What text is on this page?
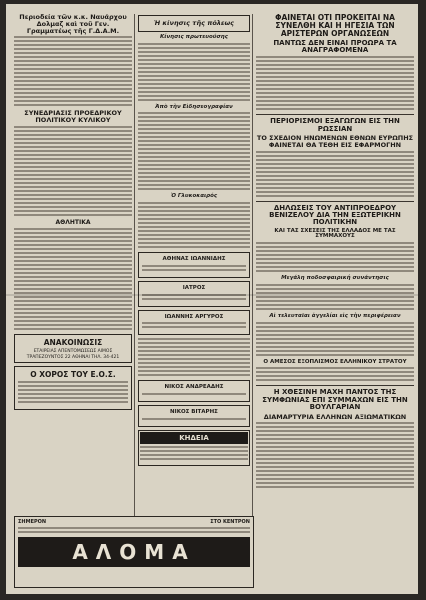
Περιοδεία τῶν κ.κ. Ναυάρχου Δολμαζ καὶ τοῦ Γεν. Γραμματέως τῆς Γ.Δ.Α.Μ.
ΣΥΝΕΔΡΙΑΣΙΣ ΠΡΟΕΔΡΙΚΟΥ ΠΟΛΙΤΙΚΟΥ ΚΥΛΙΚΟΥ
ΑΘΛΗΤΙΚΑ
ΑΝΑΚΟΙΝΩΣΙΣ
ΕΤΑΙΡΕΙΑΣ ΑΠΕΝΤΟΜΩΣΕΩΣ ΑΙΜΟΣ
ΤΡΑΠΕΖΟΥΝΤΟΣ 22 ΑΘΗΝΑΙ ΤΗΛ. 34-421
Ο ΧΟΡΟΣ ΤΟΥ Ε.Ο.Σ.
Ἡ κίνησις τῆς πόλεως
Κίνησις πρωτευούσης
Ἀπὸ τὴν Εἰδησεογραφίαν
Ὁ Γλυκοκαιρός
ΑΘΗΝΑΣ ΙΩΑΝΝΙΔΗΣ
ΙΑΤΡΟΣ
ΙΩΑΝΝΗΣ ΑΡΓΥΡΟΣ
ΝΙΚΟΣ ΑΝΔΡΕΑΔΗΣ
ΝΙΚΟΣ ΒΙΤΑΡΗΣ
ΚΗΔΕΙΑ
ΦΑΙΝΕΤΑΙ ΟΤΙ ΠΡΟΚΕΙΤΑΙ ΝΑ ΣΥΝΕΛΘΗ ΚΑΙ Η ΗΓΕΣΙΑ ΤΩΝ ΑΡΙΣΤΕΡΩΝ ΟΡΓΑΝΩΣΕΩΝ
ΠΑΝΤΩΣ ΔΕΝ ΕΙΝΑΙ ΠΡΟΩΡΑ ΤΑ ΑΝΑΓΡΑΦΟΜΕΝΑ
ΠΕΡΙΟΡΙΣΜΟΙ ΕΞΑΓΩΓΩΝ ΕΙΣ ΤΗΝ ΡΩΣΣΙΑΝ
ΤΟ ΣΧΕΔΙΟΝ ΗΝΩΜΕΝΩΝ ΕΘΝΩΝ ΕΥΡΩΠΗΣ ΦΑΙΝΕΤΑΙ ΘΑ ΤΕΘΗ ΕΙΣ ΕΦΑΡΜΟΓΗΝ
ΔΗΛΩΣΕΙΣ ΤΟΥ ΑΝΤΙΠΡΟΕΔΡΟΥ ΒΕΝΙΖΕΛΟΥ ΔΙΑ ΤΗΝ ΕΞΩΤΕΡΙΚΗΝ ΠΟΛΙΤΙΚΗΝ
ΚΑΙ ΤΑΣ ΣΧΕΣΕΙΣ ΤΗΣ ΕΛΛΑΔΟΣ ΜΕ ΤΑΣ ΣΥΜΜΑΧΟΥΣ
Μεγάλη ποδοσφαιρική συνάντησις
Αἱ τελευταῖαι ἀγγελίαι εἰς τὴν περιφέρειαν
Ο ΑΜΕΣΟΣ ΕΞΟΠΛΙΣΜΟΣ ΕΛΛΗΝΙΚΟΥ ΣΤΡΑΤΟΥ
Η ΧΘΕΣΙΝΗ ΜΑΧΗ ΠΑΝΤΟΣ ΤΗΣ ΣΥΜΦΩΝΙΑΣ ΕΠΙ ΣΥΜΜΑΧΩΝ ΕΙΣ ΤΗΝ ΒΟΥΛΓΑΡΙΑΝ
ΔΙΑΜΑΡΤΥΡΙΑ ΕΛΛΗΝΩΝ ΑΞΙΩΜΑΤΙΚΩΝ
ΣΗΜΕΡΟΝ	ΣΤΟ ΚΕΝΤΡΟΝ
ΑΛΟΜΑ
